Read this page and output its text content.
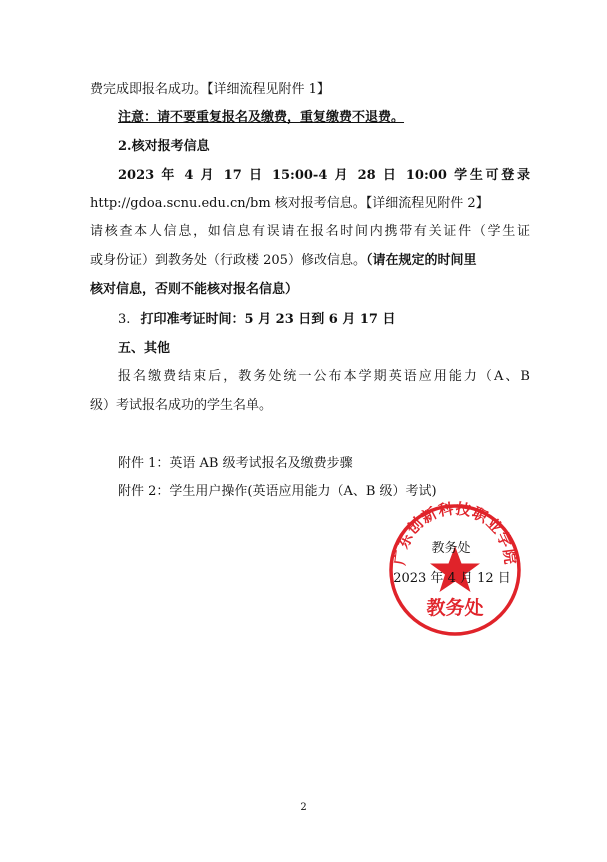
费完成即报名成功。【详细流程见附件 1】
注意：请不要重复报名及缴费，重复缴费不退费。
2.核对报考信息
2023 年 4 月 17 日 15:00-4 月 28 日 10:00 学生可登录
http://gdoa.scnu.edu.cn/bm 核对报考信息。【详细流程见附件 2】
请核查本人信息，如信息有误请在报名时间内携带有关证件（学生证
或身份证）到教务处（行政楼 205）修改信息。（请在规定的时间里
核对信息，否则不能核对报名信息）
3. 打印准考证时间：5 月 23 日到 6 月 17 日
五、其他
报名缴费结束后，教务处统一公布本学期英语应用能力（A、B
级）考试报名成功的学生名单。
附件 1：英语 AB 级考试报名及缴费步骤
附件 2：学生用户操作(英语应用能力（A、B 级）考试)
广东创新科技职业学院
教务处
教务处
2023 年 4 月 12 日
2
